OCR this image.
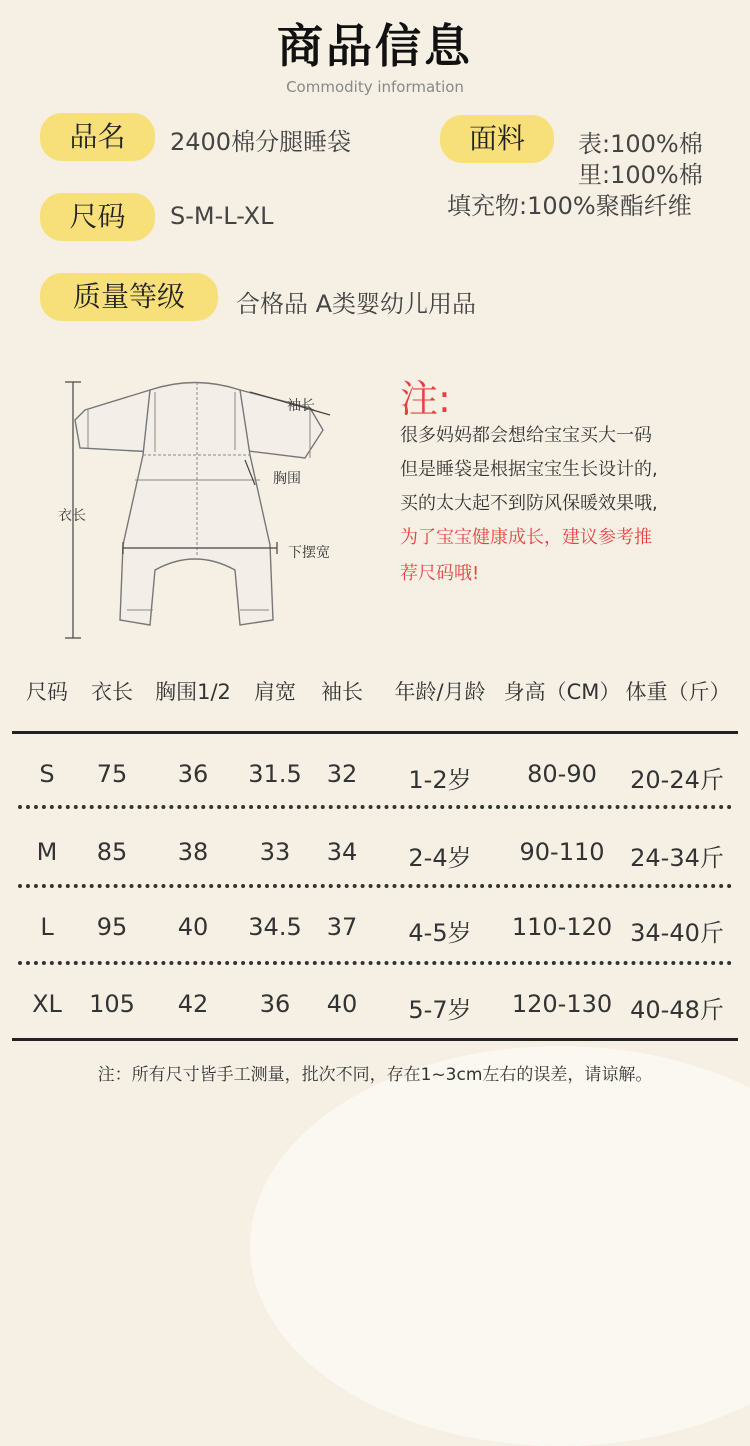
商品信息
Commodity information
品名	2400棉分腿睡袋
尺码	S-M-L-XL
质量等级	合格品 A类婴幼儿用品
面料	表:100%棉
里:100%棉
填充物:100%聚酯纤维
袖长
胸围
衣长
下摆宽
注:
很多妈妈都会想给宝宝买大一码
但是睡袋是根据宝宝生长设计的,
买的太大起不到防风保暖效果哦,
为了宝宝健康成长，建议参考推
荐尺码哦!
尺码 衣长 胸围1/2 肩宽 袖长 年龄/月龄 身高（CM） 体重（斤）
S 75 36 31.5 32 1-2岁 80-90 20-24斤
M 85 38 33 34 2-4岁 90-110 24-34斤
L 95 40 34.5 37 4-5岁 110-120 34-40斤
XL 105 42 36 40 5-7岁 120-130 40-48斤
注：所有尺寸皆手工测量，批次不同，存在1~3cm左右的误差，请谅解。
